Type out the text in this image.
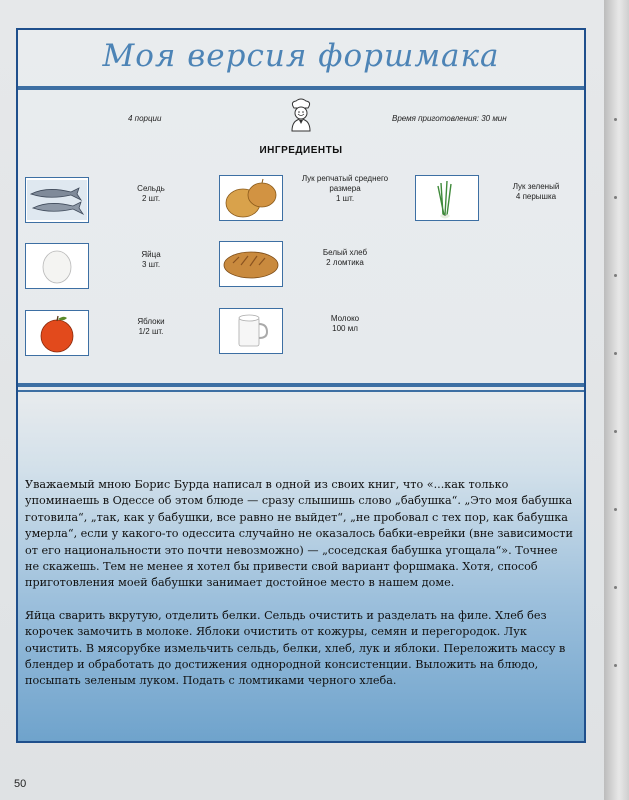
Моя версия форшмака
4 порции	Время приготовления: 30 мин
ИНГРЕДИЕНТЫ
Сельдь
2 шт.
Лук репчатый среднего размера
1 шт.
Лук зеленый
4 перышка
Яйца
3 шт.
Белый хлеб
2 ломтика
Яблоки
1/2 шт.
Молоко
100 мл

Уважаемый мною Борис Бурда написал в одной из своих книг, что «...как только упоминаешь в Одессе об этом блюде — сразу слышишь слово „бабушка“. „Это моя бабушка готовила“, „так, как у бабушки, все равно не выйдет“, „не пробовал с тех пор, как бабушка умерла“, если у какого-то одессита случайно не оказалось бабки-еврейки (вне зависимости от его национальности это почти невозможно) — „соседская бабушка угощала“». Точнее не скажешь. Тем не менее я хотел бы привести свой вариант форшмака. Хотя, способ приготовления моей бабушки занимает достойное место в нашем доме.

Яйца сварить вкрутую, отделить белки. Сельдь очистить и разделать на филе. Хлеб без корочек замочить в молоке. Яблоки очистить от кожуры, семян и перегородок. Лук очистить. В мясорубке измельчить сельдь, белки, хлеб, лук и яблоки. Переложить массу в блендер и обработать до достижения однородной консистенции. Выложить на блюдо, посыпать зеленым луком. Подать с ломтиками черного хлеба.

50
